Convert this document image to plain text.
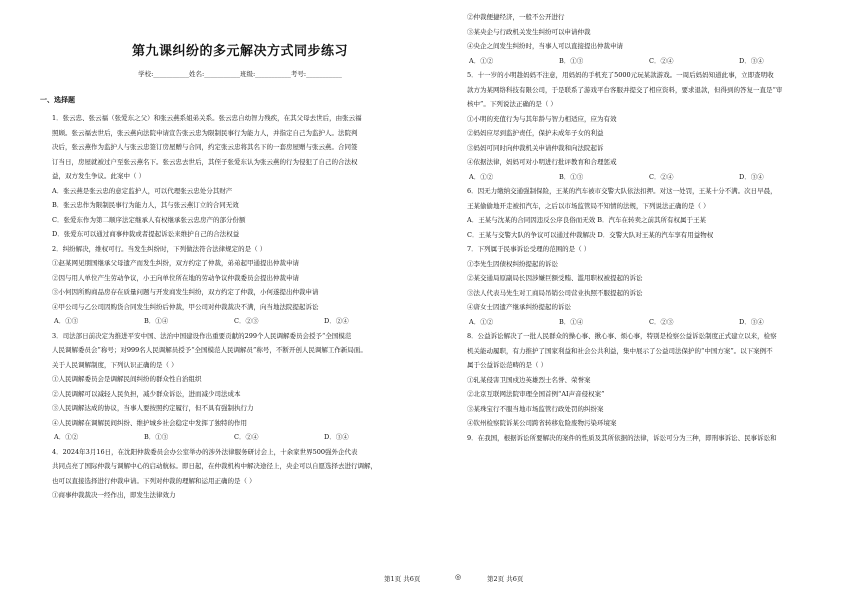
第九课纠纷的多元解决方式同步练习
学校:___________姓名:___________班级:___________考号:___________
一、选择题

1．张云忠、张云福（张爱东之父）和张云燕系姐弟关系。张云忠自幼智力残疾，在其父母去世后，由张云福

照顾。张云福去世后，张云燕向法院申请宣告张云忠为限制民事行为能力人，并指定自己为监护人。法院判

决后，张云燕作为监护人与张云忠签订房屋赠与合同，约定张云忠将其名下的一套房屋赠与张云燕。合同签

订当日，房屋就被过户至张云燕名下。张云忠去世后，其侄子张爱东认为张云燕的行为侵犯了自己的合法权

益，双方发生争议。此案中（ ）

A．张云燕是张云忠的意定监护人，可以代理张云忠处分其财产

B．张云忠作为限制民事行为能力人，其与张云燕订立的合同无效

C．张爱东作为第二顺序法定继承人有权继承张云忠房产的部分份额

D．张爱东可以通过商事仲裁或者提起诉讼来维护自己的合法权益

2．纠纷解决，维权可行。当发生纠纷时，下列做法符合法律规定的是（ ）

①赵某网见朋国继承父母遗产而发生纠纷，双方约定了仲裁，弟弟起甲通提出仲裁申请

②因与用人单位产生劳动争议，小王向单位所在地的劳动争议仲裁委员会提出仲裁申请

③小何因所购商品房存在质量问题与开发商发生纠纷，双方约定了仲裁，小何遂提出仲裁申请

④甲公司与乙公司因购货合同发生纠纷后仲裁，甲公司对仲裁裁决不满，向当地法院提起诉讼

A．①③	B．①④	C．②③	D．②④

3．司法部日前决定为推进平安中国、法治中国建设作出重要贡献的299个人民调解委员会授予“全国模范

人民调解委员会”称号；对999名人民调解员授予“全国模范人民调解员”称号，不断开创人民调解工作新局面。

关于人民调解制度，下列认识正确的是（ ）

①人民调解委员会是调解民间纠纷的群众性自治组织

②人民调解可以减轻人民负担，减少群众诉讼，进而减少司法成本

③人民调解达成的协议，当事人要按照约定履行，但不具有强制执行力

④人民调解在调解民间纠纷、维护城乡社会稳定中发挥了独特的作用

A．①②	B．①③	C．②④	D．③④

4．2024年3月16日，在沈阳仲裁委员会办公室举办的涉外法律服务研讨会上，十余家世界500强外企代表

共同点亮了国际仲裁与调解中心的启动航标。即日起，在仲裁机构中解决途径上，央企可以自愿选择去进行调解，

也可以直接选择进行仲裁申请。下列对仲裁的理解和运用正确的是（ ）

①商事仲裁裁决一经作出，即发生法律效力

②仲裁便捷经济，一般不公开进行

③某央企与行政机关发生纠纷可以申请仲裁

④央企之间发生纠纷时，当事人可以直接提出仲裁申请

A．①②	B．①③	C．②④	D．③④

5．十一岁的小明趁妈妈不注意，用妈妈的手机充了5000元玩某款游戏。一周后妈妈知道此事，立即查明收

款方为某网络科技有限公司，于是联系了游戏平台客服并提交了相应资料，要求退款，但得到的答复一直是“审

核中”。下列说法正确的是（ ）

①小明的充值行为与其年龄与智力相适应，应为有效

②妈妈应尽到监护责任，保护未成年子女的利益

③妈妈可同时向仲裁机关申请仲裁和向法院起诉

④依据法律，妈妈可对小明进行批评教育和合理惩戒

A．①②	B．①③	C．②④	D．③④

6．因无力缴纳交通强制保险，王某的汽车被市交警大队依法扣押。对这一处罚，王某十分不满。次日早晨，

王某偷偷地开走被扣汽车，之后以市场监管局不知情的法规，下列说法正确的是（ ）

A．王某与沈某的合同因违反公序良俗而无效 B．汽车在转卖之前其所有权属于王某

C．王某与交警大队的争议可以通过仲裁解决 D．交警大队对王某的汽车享有用益物权

7．下列属于民事诉讼受理的范围的是（ ）

①李先生因债权纠纷提起的诉讼

②某交通局原副局长因涉嫌巨额受贿、滥用职权被提起的诉讼

③法人代表马先生对工商局吊销公司营业执照不服提起的诉讼

④唐女士因遗产继承纠纷提起的诉讼

A．①②	B．①④	C．②③	D．③④

8．公益诉讼解决了一批人民群众的操心事、揪心事、烦心事，特别是检察公益诉讼制度正式建立以来，检察

机关能动履职，有力推护了国家利益和社会公共利益，集中展示了公益司法保护的“中国方案”。以下案例不

属于公益诉讼范畴的是（ ）

①轧某侵害卫国戍边英雄烈士名誉、荣誉案

②北京互联网法院审理全国首例“AI声音侵权案”

③某珠宝行不服当地市场监管行政处罚的纠纷案

④钦州检察院诉某公司跨省转移危险废物污染环境案

9．在我国，根据诉讼所要解决的案件的性质及其所依据的法律，诉讼可分为三种，即刑事诉讼、民事诉讼和

第1页 共6页	◎	第2页 共6页
